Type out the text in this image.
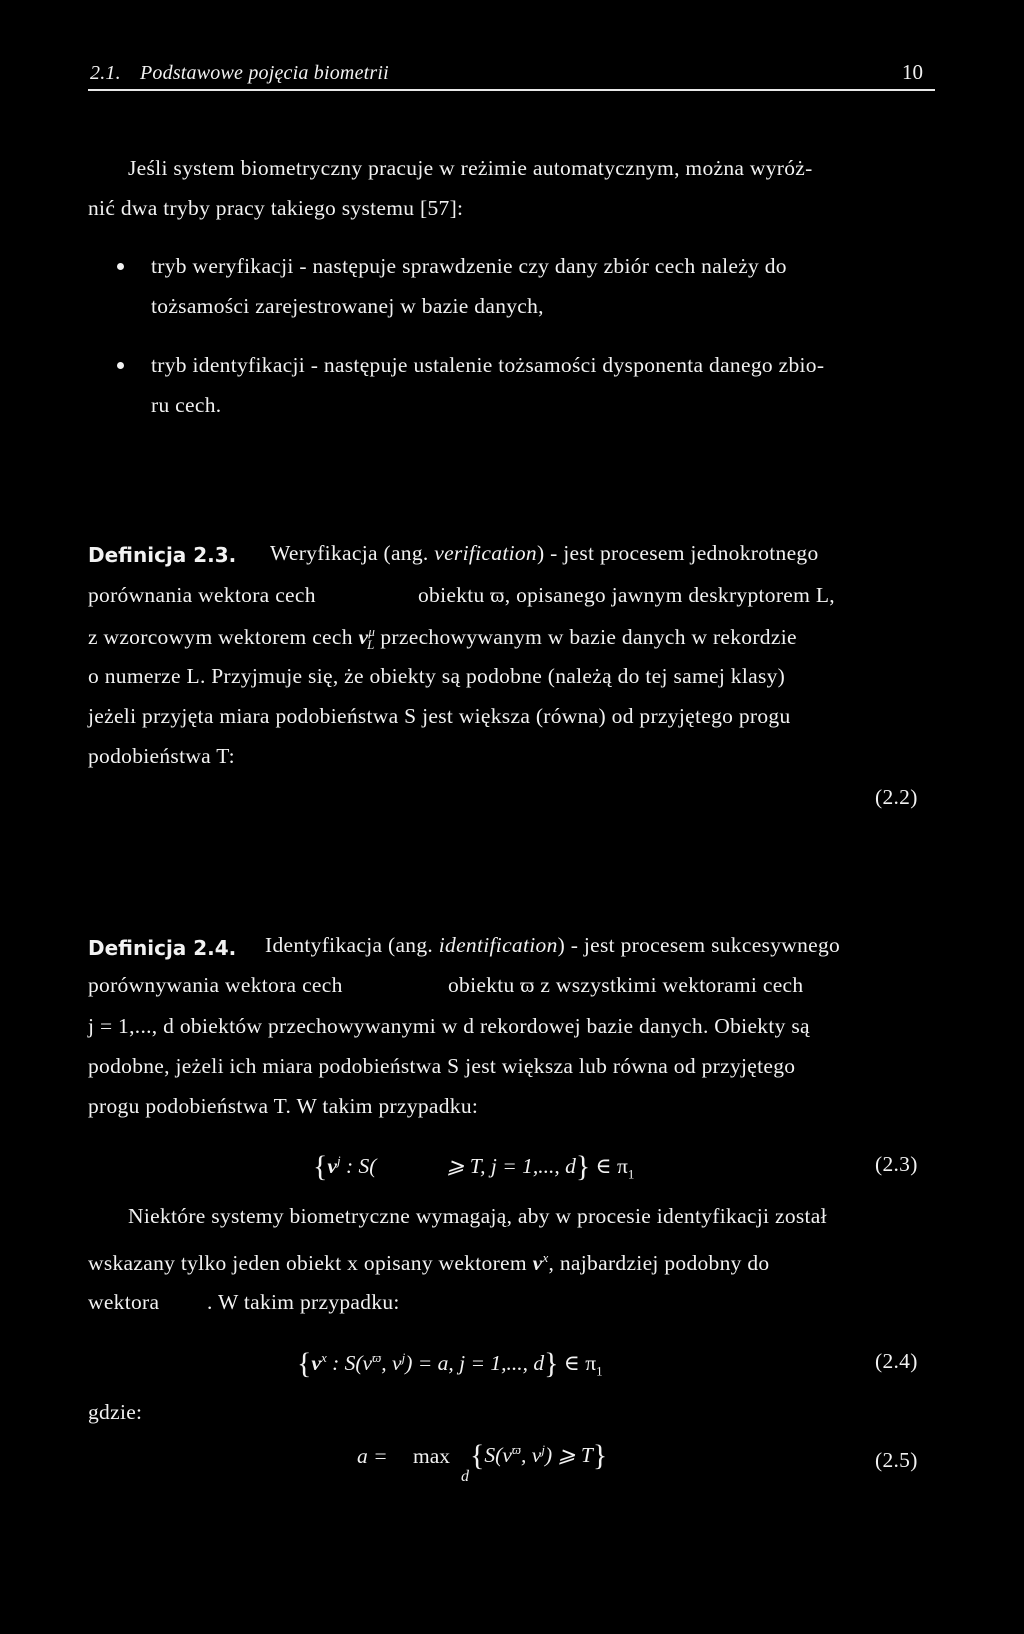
2.1. Podstawowe pojęcia biometrii	10
Jeśli system biometryczny pracuje w reżimie automatycznym, można wyróż-
nić dwa tryby pracy takiego systemu [57]:
tryb weryfikacji - następuje sprawdzenie czy dany zbiór cech należy do
tożsamości zarejestrowanej w bazie danych,
tryb identyfikacji - następuje ustalenie tożsamości dysponenta danego zbio-
ru cech.
Definicja 2.3. Weryfikacja (ang. verification) - jest procesem jednokrotnego
porównania wektora cech	obiektu ϖ, opisanego jawnym deskryptorem L,
z wzorcowym wektorem cech $\nu^\mu_L$ przechowywanym w bazie danych w rekordzie
o numerze L. Przyjmuje się, że obiekty są podobne (należą do tej samej klasy)
jeżeli przyjęta miara podobieństwa S jest większa (równa) od przyjętego progu
podobieństwa T:
(2.2)
Definicja 2.4. Identyfikacja (ang. identification) - jest procesem sukcesywnego
porównywania wektora cech	obiektu ϖ z wszystkimi wektorami cech
j = 1,..., d obiektów przechowywanymi w d rekordowej bazie danych. Obiekty są
podobne, jeżeli ich miara podobieństwa S jest większa lub równa od przyjętego
progu podobieństwa T. W takim przypadku:
{$\nu^j$ : S(	⩾ T, j = 1,..., d} ∈ $\pi_1$	(2.3)
Niektóre systemy biometryczne wymagają, aby w procesie identyfikacji został
wskazany tylko jeden obiekt x opisany wektorem $\nu^x$, najbardziej podobny do
wektora . W takim przypadku:
{$\nu^x$ : $S(\nu^ϖ$, $\nu^j) = a$, j = 1,..., d} ∈ $\pi_1$	(2.4)
gdzie:
a = max
d
{$S(\nu^ϖ$, $\nu^j$) ⩾ T}	(2.5)
